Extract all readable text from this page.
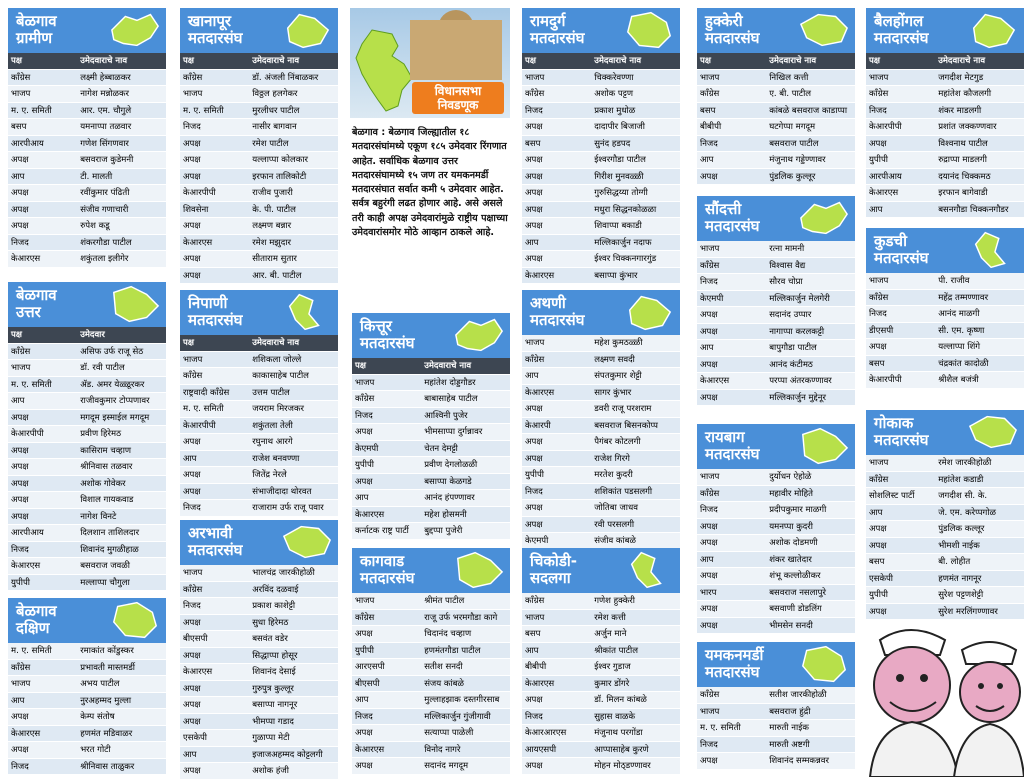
विधानसभा
निवडणूक
बेळगाव : बेळगाव जिल्ह्यातील १८ मतदारसंघांमध्ये एकूण १८५ उमेदवार रिंगणात आहेत. सर्वाधिक बेळगाव उत्तर मतदारसंघामध्ये १५ जण तर यमकनमर्डी मतदारसंघात सर्वात कमी ५ उमेदवार आहेत. सर्वत्र बहुरंगी लढत होणार आहे. असे असले तरी काही अपक्ष उमेदवारांमुळे राष्ट्रीय पक्षाच्या उमेदवारांसमोर मोठे आव्हान ठाकले आहे.
बेळगाव
ग्रामीण
पक्ष	उमेदवाराचे नाव
काँग्रेस	लक्ष्मी हेब्बाळकर
भाजप	नागेश मन्नोळकर
म. ए. समिती	आर. एम. चौगुले
बसप	यमनाप्पा तळवार
आरपीआय	गणेश सिंगणवार
अपक्ष	बसवराज कुडेमनी
आप	टी. मालती
अपक्ष	रवींकुमार पंढिती
अपक्ष	संजीव गणाचारी
अपक्ष	रुपेश कडू
निजद	शंकरगौडा पाटील
केआरएस	शकुंतला इलीगेर
बेळगाव
उत्तर
पक्ष	उमेदवार
काँग्रेस	असिफ उर्फ राजू सेठ
भाजप	डॉ. रवी पाटील
म. ए. समिती	ॲड. अमर येळ्ळूरकर
आप	राजीवकुमार टोप्पणावर
अपक्ष	मगदूम इस्माईल मगदूम
केआरपीपी	प्रवीण हिरेमठ
अपक्ष	कासिराम चव्हाण
अपक्ष	श्रीनिवास तळवार
अपक्ष	अशोक गोवेकर
अपक्ष	विशाल गायकवाड
अपक्ष	नागेश विनटे
आरपीआय	दिलशान ताशिलदार
निजद	शिवानंद मुगळीहाळ
केआरएस	बसवराज जवळी
युपीपी	मल्लाप्पा चौगुला
बेळगाव
दक्षिण
म. ए. समिती	रमाकांत कोंडुस्कर
काँग्रेस	प्रभावती मास्तमर्डी
भाजप	अभय पाटील
आप	नुरअहम्मद मुल्ला
अपक्ष	केम्प संतोष
केआरएस	हणमंत मडिवाळर
अपक्ष	भरत गोटी
निजद	श्रीनिवास ताळुकर
खानापूर
मतदारसंघ
पक्ष	उमेदवाराचे नाव
काँग्रेस	डॉ. अंजली निंबाळकर
भाजप	विठ्ठल हलगेकर
म. ए. समिती	मुरलीधर पाटील
निजद	नासीर बागवान
अपक्ष	रमेश पाटील
अपक्ष	यल्लाप्पा कोलकार
अपक्ष	इरफान तालिकोटी
केआरपीपी	राजीव पुजारी
शिवसेना	के. पी. पाटील
अपक्ष	लक्ष्मण बन्नार
केआरएस	रमेश मझुदार
अपक्ष	सीताराम सुतार
अपक्ष	आर. बी. पाटील
निपाणी
मतदारसंघ
पक्ष	उमेदवाराचे नाव
भाजप	शशिकला जोल्ले
काँग्रेस	काकासाहेब पाटील
राष्ट्रवादी काँग्रेस	उत्तम पाटील
म. ए. समिती	जयराम मिरजकर
केआरपीपी	शकुंतला तेली
अपक्ष	रघुनाथ आरगे
आप	राजेश बनवण्णा
अपक्ष	जितेंद्र नेरले
अपक्ष	संभाजीदादा थोरवत
निजद	राजाराम उर्फ राजू पवार
अरभावी
मतदारसंघ
भाजप	भालचंद्र जारकीहोळी
काँग्रेस	अरविंद दळवाई
निजद	प्रकाश काशेट्टी
अपक्ष	सुधा हिरेमठ
बीएसपी	बसवंत वडेर
अपक्ष	सिद्धाप्पा होसूर
केआरएस	शिवानंद देसाई
अपक्ष	गुरुपुत्र कुल्लूर
अपक्ष	बसाप्पा नागनूर
अपक्ष	भीमप्पा गडाद
एसकेपी	गुळाप्पा मेटी
आप	इजाजअहम्मद कोट्टलगी
अपक्ष	अशोक हंजी
कित्तूर
मतदारसंघ
पक्ष	उमेदवाराचे नाव
भाजप	महांतेश दोड्डगौडर
काँग्रेस	बाबासाहेब पाटील
निजद	आश्विनी पुजेर
अपक्ष	भीमसाप्पा दुर्गन्नावर
केएमपी	चेतन देमट्टी
युपीपी	प्रवीण देगलोळळी
अपक्ष	बसाप्पा केळगडे
आप	आनंद हंपण्णावर
केआरएस	महेश होसमनी
कर्नाटक राष्ट्र पार्टी	बुद्दप्पा पुजेरी
कागवाड
मतदारसंघ
भाजप	श्रीमंत पाटील
काँग्रेस	राजू उर्फ भरमगौडा कागे
अपक्ष	चिदानंद चव्हाण
युपीपी	हणमंतगौडा पाटील
आरएसपी	सतीश सनदी
बीएसपी	संजय कांबळे
आप	मुल्लाहझाक दस्तगीरसाब
निजद	मल्लिकार्जुन गुंजीगावी
अपक्ष	सत्याप्पा पाळेली
केआरएस	विनोद नागरे
अपक्ष	सदानंद मगदूम
रामदुर्ग
मतदारसंघ
पक्ष	उमेदवाराचे नाव
भाजप	चिक्करेवण्णा
काँग्रेस	अशोक पट्टण
निजद	प्रकाश मुधोळ
अपक्ष	दादापीर बिजाजी
बसप	सुनंद हडपद
अपक्ष	ईश्वरगौडा पाटील
अपक्ष	गिरीश मुनवळ्ळी
अपक्ष	गुरुसिद्धय्या तोग्गी
अपक्ष	मधुरा सिद्धनकोळळा
अपक्ष	शिवाप्पा बकाडी
आप	मल्लिकार्जुन नदाफ
अपक्ष	ईश्वर चिक्कनगारगुंड
केआरएस	बसाप्पा कुंभार
अथणी
मतदारसंघ
भाजप	महेश कुमठळ्ळी
काँग्रेस	लक्ष्मण सवदी
आप	संपतकुमार शेट्टी
केआरएस	सागर कुंभार
अपक्ष	डवरी राजू परशराम
केआरपी	बसवराज बिसनकोप्प
अपक्ष	पैगंबर कोटलगी
अपक्ष	राजेश गिरगे
युपीपी	मरतेश कुदरी
निजद	शशिकांत पडसलगी
अपक्ष	जोतिबा जाधव
अपक्ष	रवी परसलगी
केएमपी	संजीव कांबळे
चिकोडी-
सदलगा
काँग्रेस	गणेश हुक्केरी
भाजप	रमेश कत्ती
बसप	अर्जुन माने
आप	श्रीकांत पाटील
बीबीपी	ईश्वर गुडाज
केआरएस	कुमार डोंगरे
अपक्ष	डॉ. मिलन कांबळे
निजद	सुहास वाळके
केआरआरएस	मंजुनाथ परगोंडा
आयएसपी	आप्पासाहेब कुरणे
अपक्ष	मोहन मोठ्डण्णावर
हुक्केरी
मतदारसंघ
पक्ष	उमेदवाराचे नाव
भाजप	निखिल कत्ती
काँग्रेस	ए. बी. पाटील
बसप	कांबळे बसवराज काडाप्पा
बीबीपी	घटगेप्पा मगदूम
निजद	बसवराज पाटील
आप	मंजुनाथ गड्डेण्णावर
अपक्ष	पुंडलिक कुल्लूर
सौंदत्ती
मतदारसंघ
भाजप	रत्ना मामनी
काँग्रेस	विश्वास वैद्य
निजद	सौरव चोप्रा
केएमपी	मल्लिकार्जुन मेलगेरी
अपक्ष	सदानंद उप्पार
अपक्ष	नागाप्पा करलकट्टी
आप	बापुगौडा पाटील
अपक्ष	आनंद कंटीमठ
केआरएस	परप्पा अंतरकण्णावर
अपक्ष	मल्लिकार्जुन मुद्देनूर
रायबाग
मतदारसंघ
भाजप	दुर्योधन ऐहोळे
काँग्रेस	महावीर मोहिते
निजद	प्रदीपकुमार माळगी
अपक्ष	यमनप्पा कुदरी
अपक्ष	अशोक दोडमणी
आप	शंकर खातेदार
अपक्ष	शंभू कल्लोळीकर
भारप	बसवराज नसलापुरे
अपक्ष	बसवाणी डोडलिंग
अपक्ष	भीमसेन सनदी
यमकनमर्डी
मतदारसंघ
काँग्रेस	सतीश जारकीहोळी
भाजप	बसवराज हुंद्री
म. ए. समिती	मारुती नाईक
निजद	मारुती अष्टगी
अपक्ष	शिवानंद सम्मकन्नवर
बैलहोंगल
मतदारसंघ
पक्ष	उमेदवाराचे नाव
भाजप	जगदीश मेटगुड
काँग्रेस	महांतेश कौजलगी
निजद	शंकर माडलगी
केआरपीपी	प्रशांत जक्कण्णवार
अपक्ष	विश्वनाथ पाटील
युपीपी	रुद्राप्पा माडलगी
आरपीआय	दयानंद चिक्कमठ
केआरएस	इरफान बागेवाडी
आप	बसनगौडा चिक्कनगौडर
कुडची
मतदारसंघ
भाजप	पी. राजीव
काँग्रेस	महेंद्र तम्मण्णावर
निजद	आनंद माळगी
डीएसपी	सी. एम. कृष्णा
अपक्ष	यल्लाप्पा शिंगे
बसप	चंद्रकांत कादोळी
केआरपीपी	श्रीशैल बजंत्री
गोकाक
मतदारसंघ
भाजप	रमेश जारकीहोळी
काँग्रेस	महांतेश कडाडी
सोशलिस्ट पार्टी	जगदीश सी. के.
आप	जे. एम. करेप्पगोळ
अपक्ष	पुंडलिक कल्लूर
अपक्ष	भीमशी नाईक
बसप	बी. लोहीत
एसकेपी	हणमंत नागनूर
युपीपी	सुरेश पट्टणशेट्टी
अपक्ष	सुरेश मरलिंगण्णावर
